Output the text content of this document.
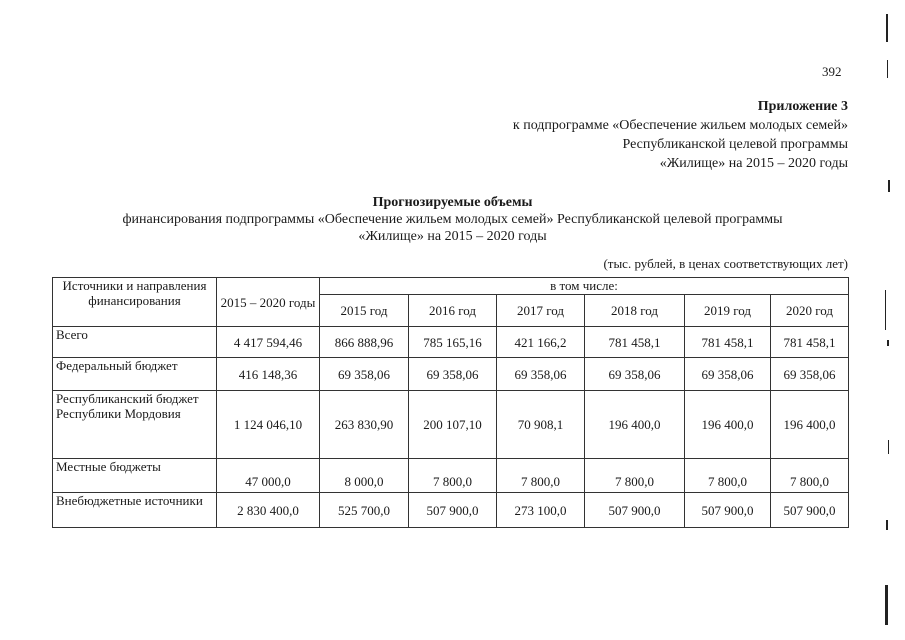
392
Приложение 3
к подпрограмме «Обеспечение жильем молодых семей»
Республиканской целевой программы
«Жилище» на 2015 – 2020 годы
Прогнозируемые объемы
финансирования подпрограммы «Обеспечение жильем молодых семей» Республиканской целевой программы
«Жилище» на 2015 – 2020 годы
(тыс. рублей, в ценах соответствующих лет)
Источники и направления финансирования	2015 – 2020 годы	в том числе:					
		2015 год	2016 год	2017 год	2018 год	2019 год	2020 год
Всего	4 417 594,46	866 888,96	785 165,16	421 166,2	781 458,1	781 458,1	781 458,1
Федеральный бюджет	416 148,36	69 358,06	69 358,06	69 358,06	69 358,06	69 358,06	69 358,06
Республиканский бюджет Республики Мордовия	1 124 046,10	263 830,90	200 107,10	70 908,1	196 400,0	196 400,0	196 400,0
Местные бюджеты	47 000,0	8 000,0	7 800,0	7 800,0	7 800,0	7 800,0	7 800,0
Внебюджетные источники	2 830 400,0	525 700,0	507 900,0	273 100,0	507 900,0	507 900,0	507 900,0
